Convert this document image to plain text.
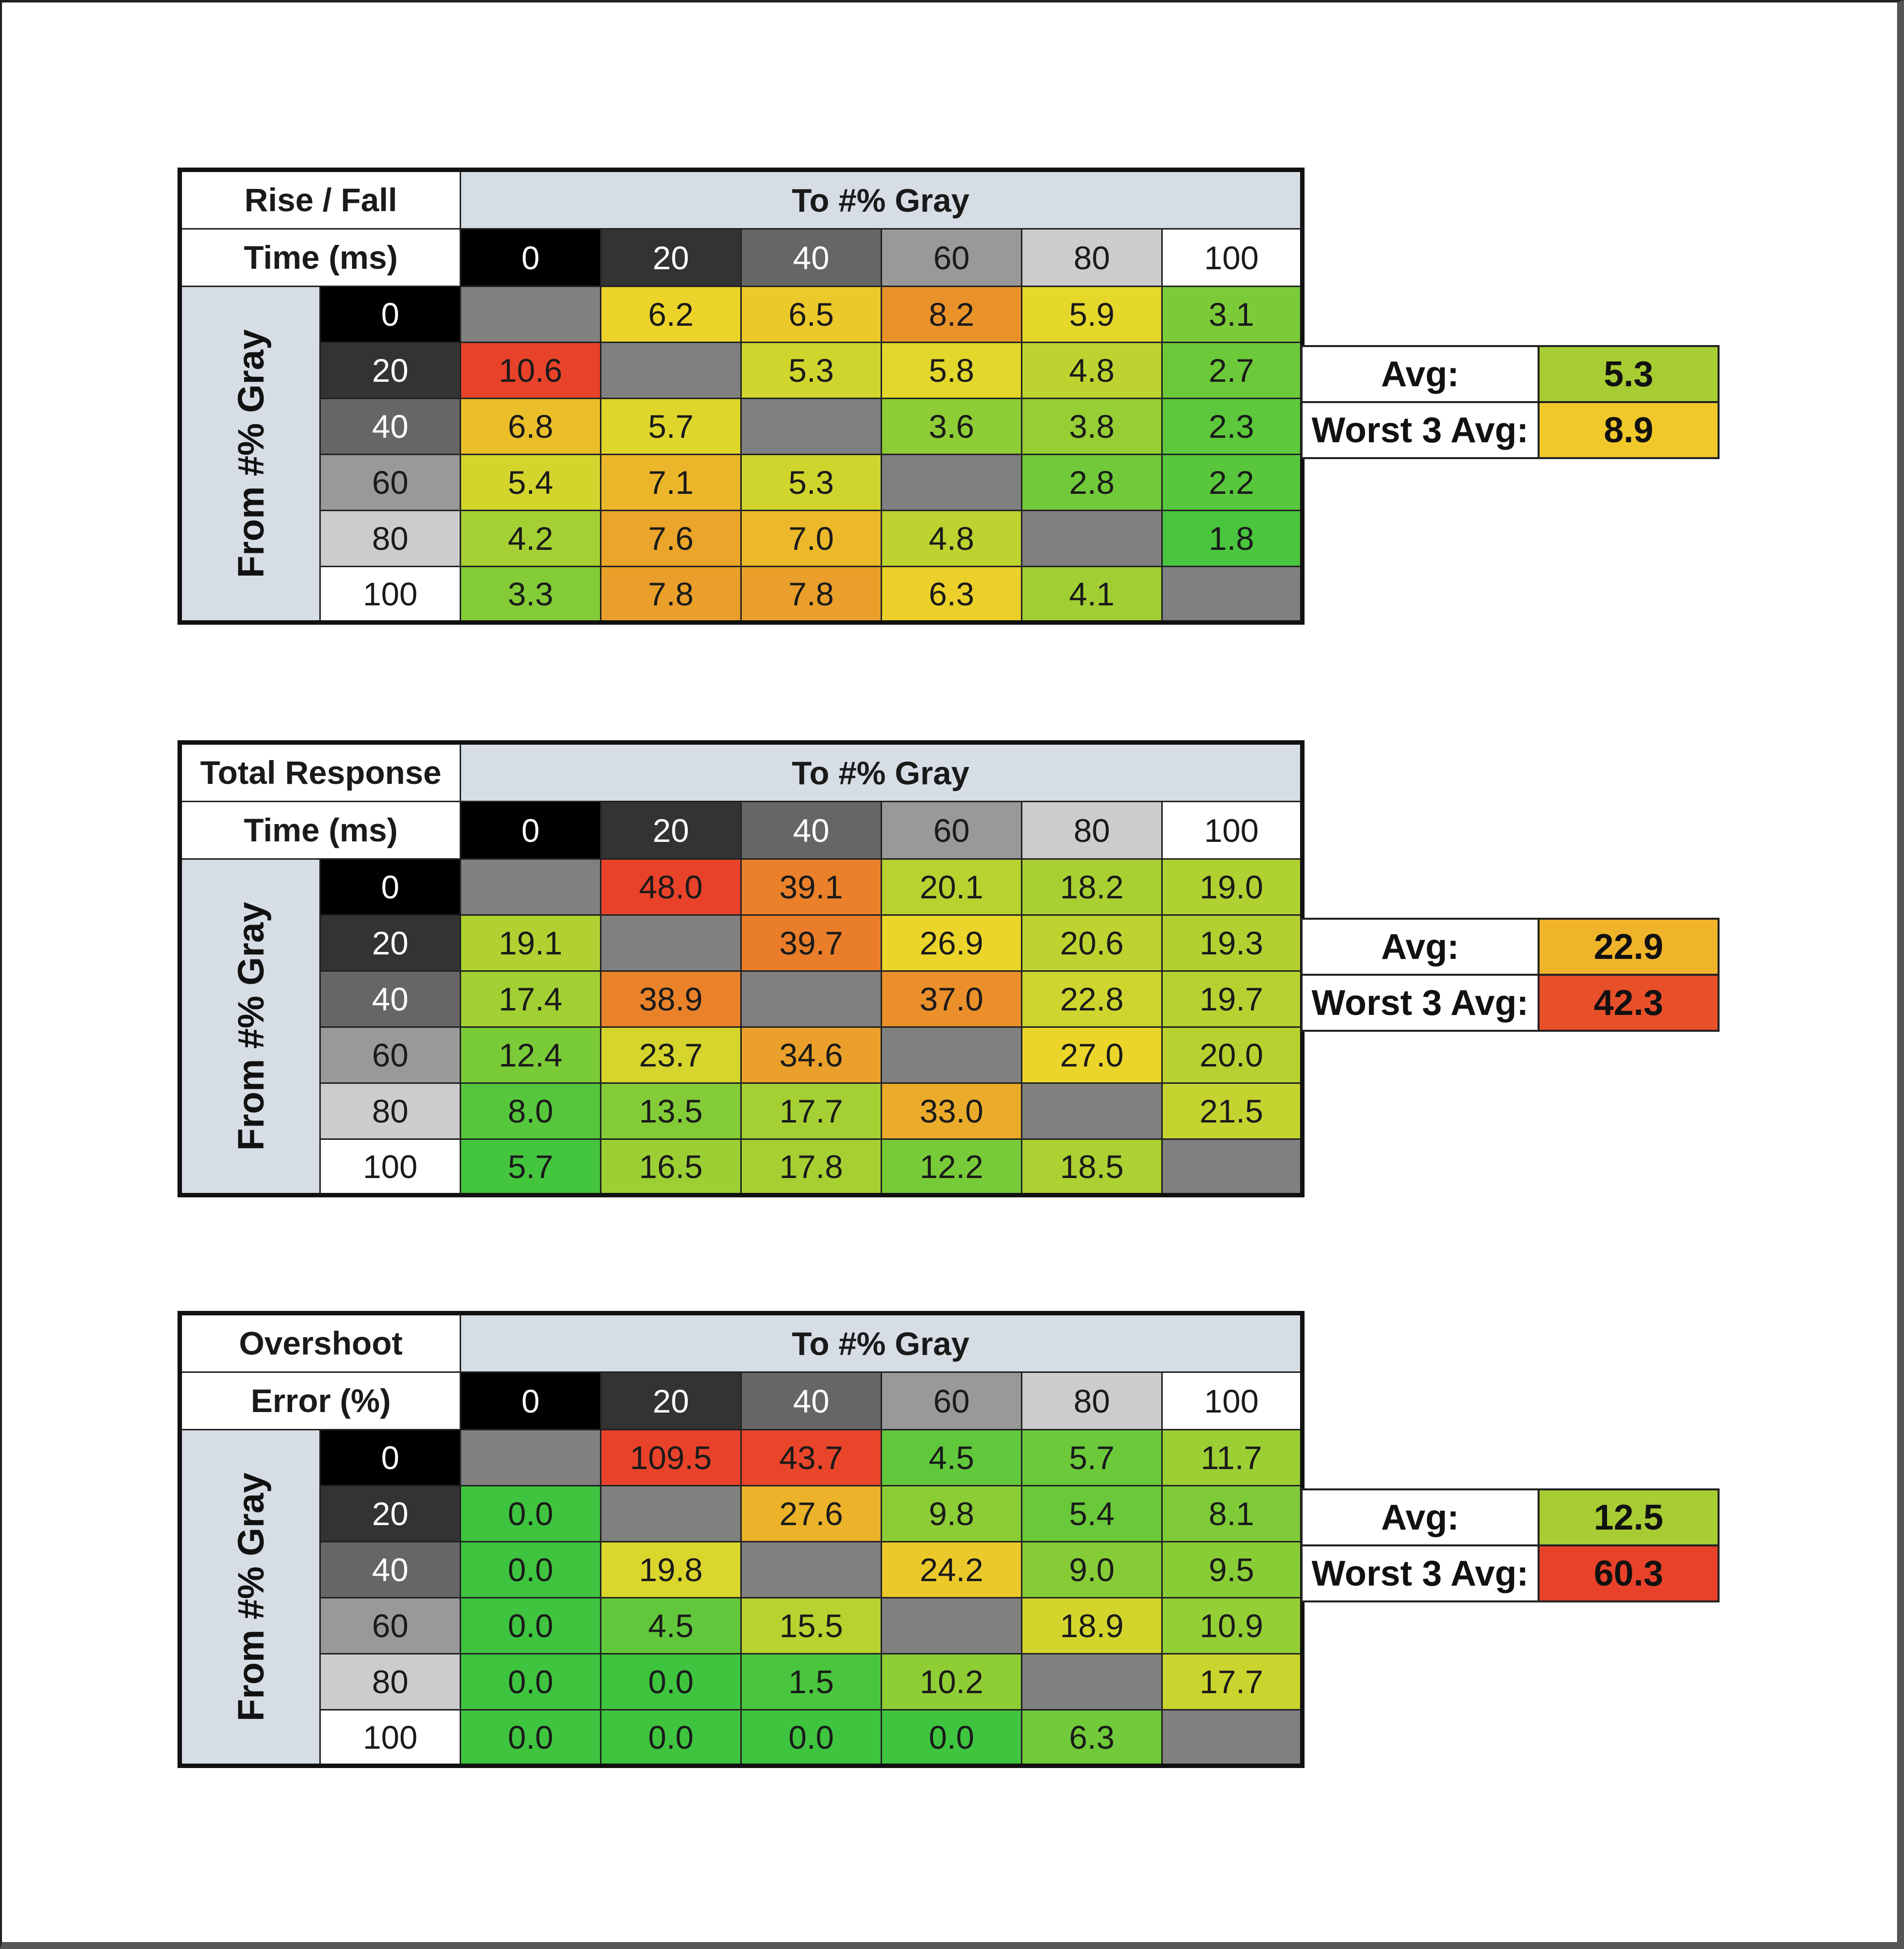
Rise / Fall		To #% Gray					
Time (ms)		0	20	40	60	80	100

From #% Gray	0		6.2	6.5	8.2	5.9	3.1
	20	10.6		5.3	5.8	4.8	2.7
	40	6.8	5.7		3.6	3.8	2.3
	60	5.4	7.1	5.3		2.8	2.2
	80	4.2	7.6	7.0	4.8		1.8
	100	3.3	7.8	7.8	6.3	4.1	
Avg:	5.3
Worst 3 Avg:	8.9
Total Response		To #% Gray					
Time (ms)		0	20	40	60	80	100

From #% Gray	0		48.0	39.1	20.1	18.2	19.0
	20	19.1		39.7	26.9	20.6	19.3
	40	17.4	38.9		37.0	22.8	19.7
	60	12.4	23.7	34.6		27.0	20.0
	80	8.0	13.5	17.7	33.0		21.5
	100	5.7	16.5	17.8	12.2	18.5	
Avg:	22.9
Worst 3 Avg:	42.3
Overshoot		To #% Gray					
Error (%)		0	20	40	60	80	100

From #% Gray	0		109.5	43.7	4.5	5.7	11.7
	20	0.0		27.6	9.8	5.4	8.1
	40	0.0	19.8		24.2	9.0	9.5
	60	0.0	4.5	15.5		18.9	10.9
	80	0.0	0.0	1.5	10.2		17.7
	100	0.0	0.0	0.0	0.0	6.3	
Avg:	12.5
Worst 3 Avg:	60.3
